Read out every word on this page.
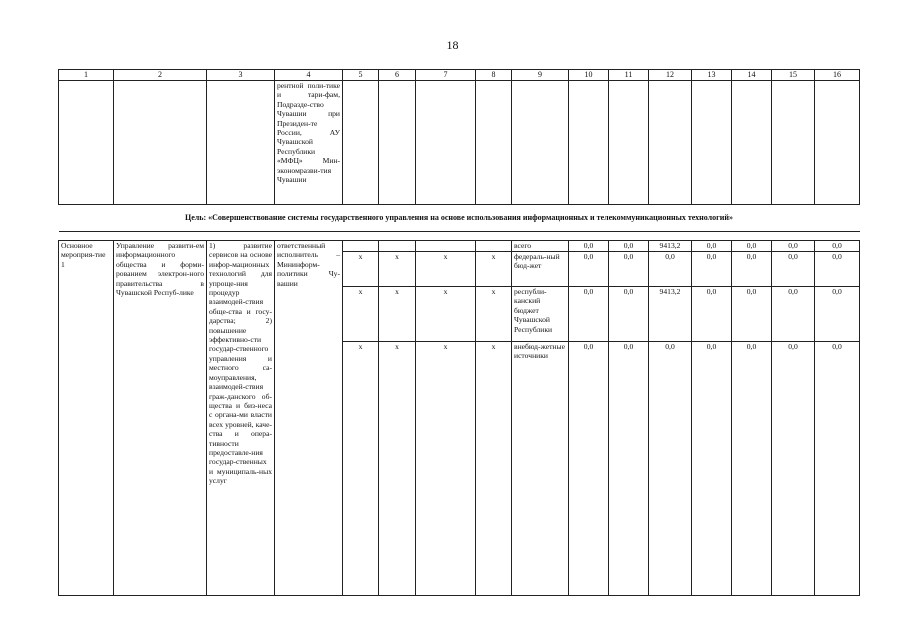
18
1	2	3	4	5	6	7	8	9	10	11	12	13	14	15	16
			рентной поли-тике и тари-фам, Подразде-ство Чувашии при Президен-те России, АУ Чувашской Республики «МФЦ» Мин-экономразви-тия Чувашии												
Цель: «Совершенствование системы государственного управления на основе использования информационных и телекоммуникационных технологий»															

Основное мероприя-тие 1	Управление развити-ем информационного общества и форми-рованием электрон-ного правительства в Чувашской Респуб-лике	1) развитие сервисов на основе инфор-мационных технологий для упроще-ния процедур взаимодей-ствия обще-ства и госу-дарства; 2) повышение эффективно-сти государ-ственного управления и местного са-моуправления, взаимодей-ствия граж-данского об-щества и биз-неса с органа-ми власти всех уровней, каче-ства и опера-тивности предоставле-ния государ-ственных и муниципаль-ных услуг	ответственный исполнитель – Мининформ-политики Чу-вашии					всего	0,0	0,0	9413,2	0,0	0,0	0,0	0,0
				х	х	х	х	федераль-ный бюд-жет	0,0	0,0	0,0	0,0	0,0	0,0	0,0
				х	х	х	х	республи-канский бюджет Чувашской Республики	0,0	0,0	9413,2	0,0	0,0	0,0	0,0
				х	х	х	х	внебюд-жетные источники	0,0	0,0	0,0	0,0	0,0	0,0	0,0
